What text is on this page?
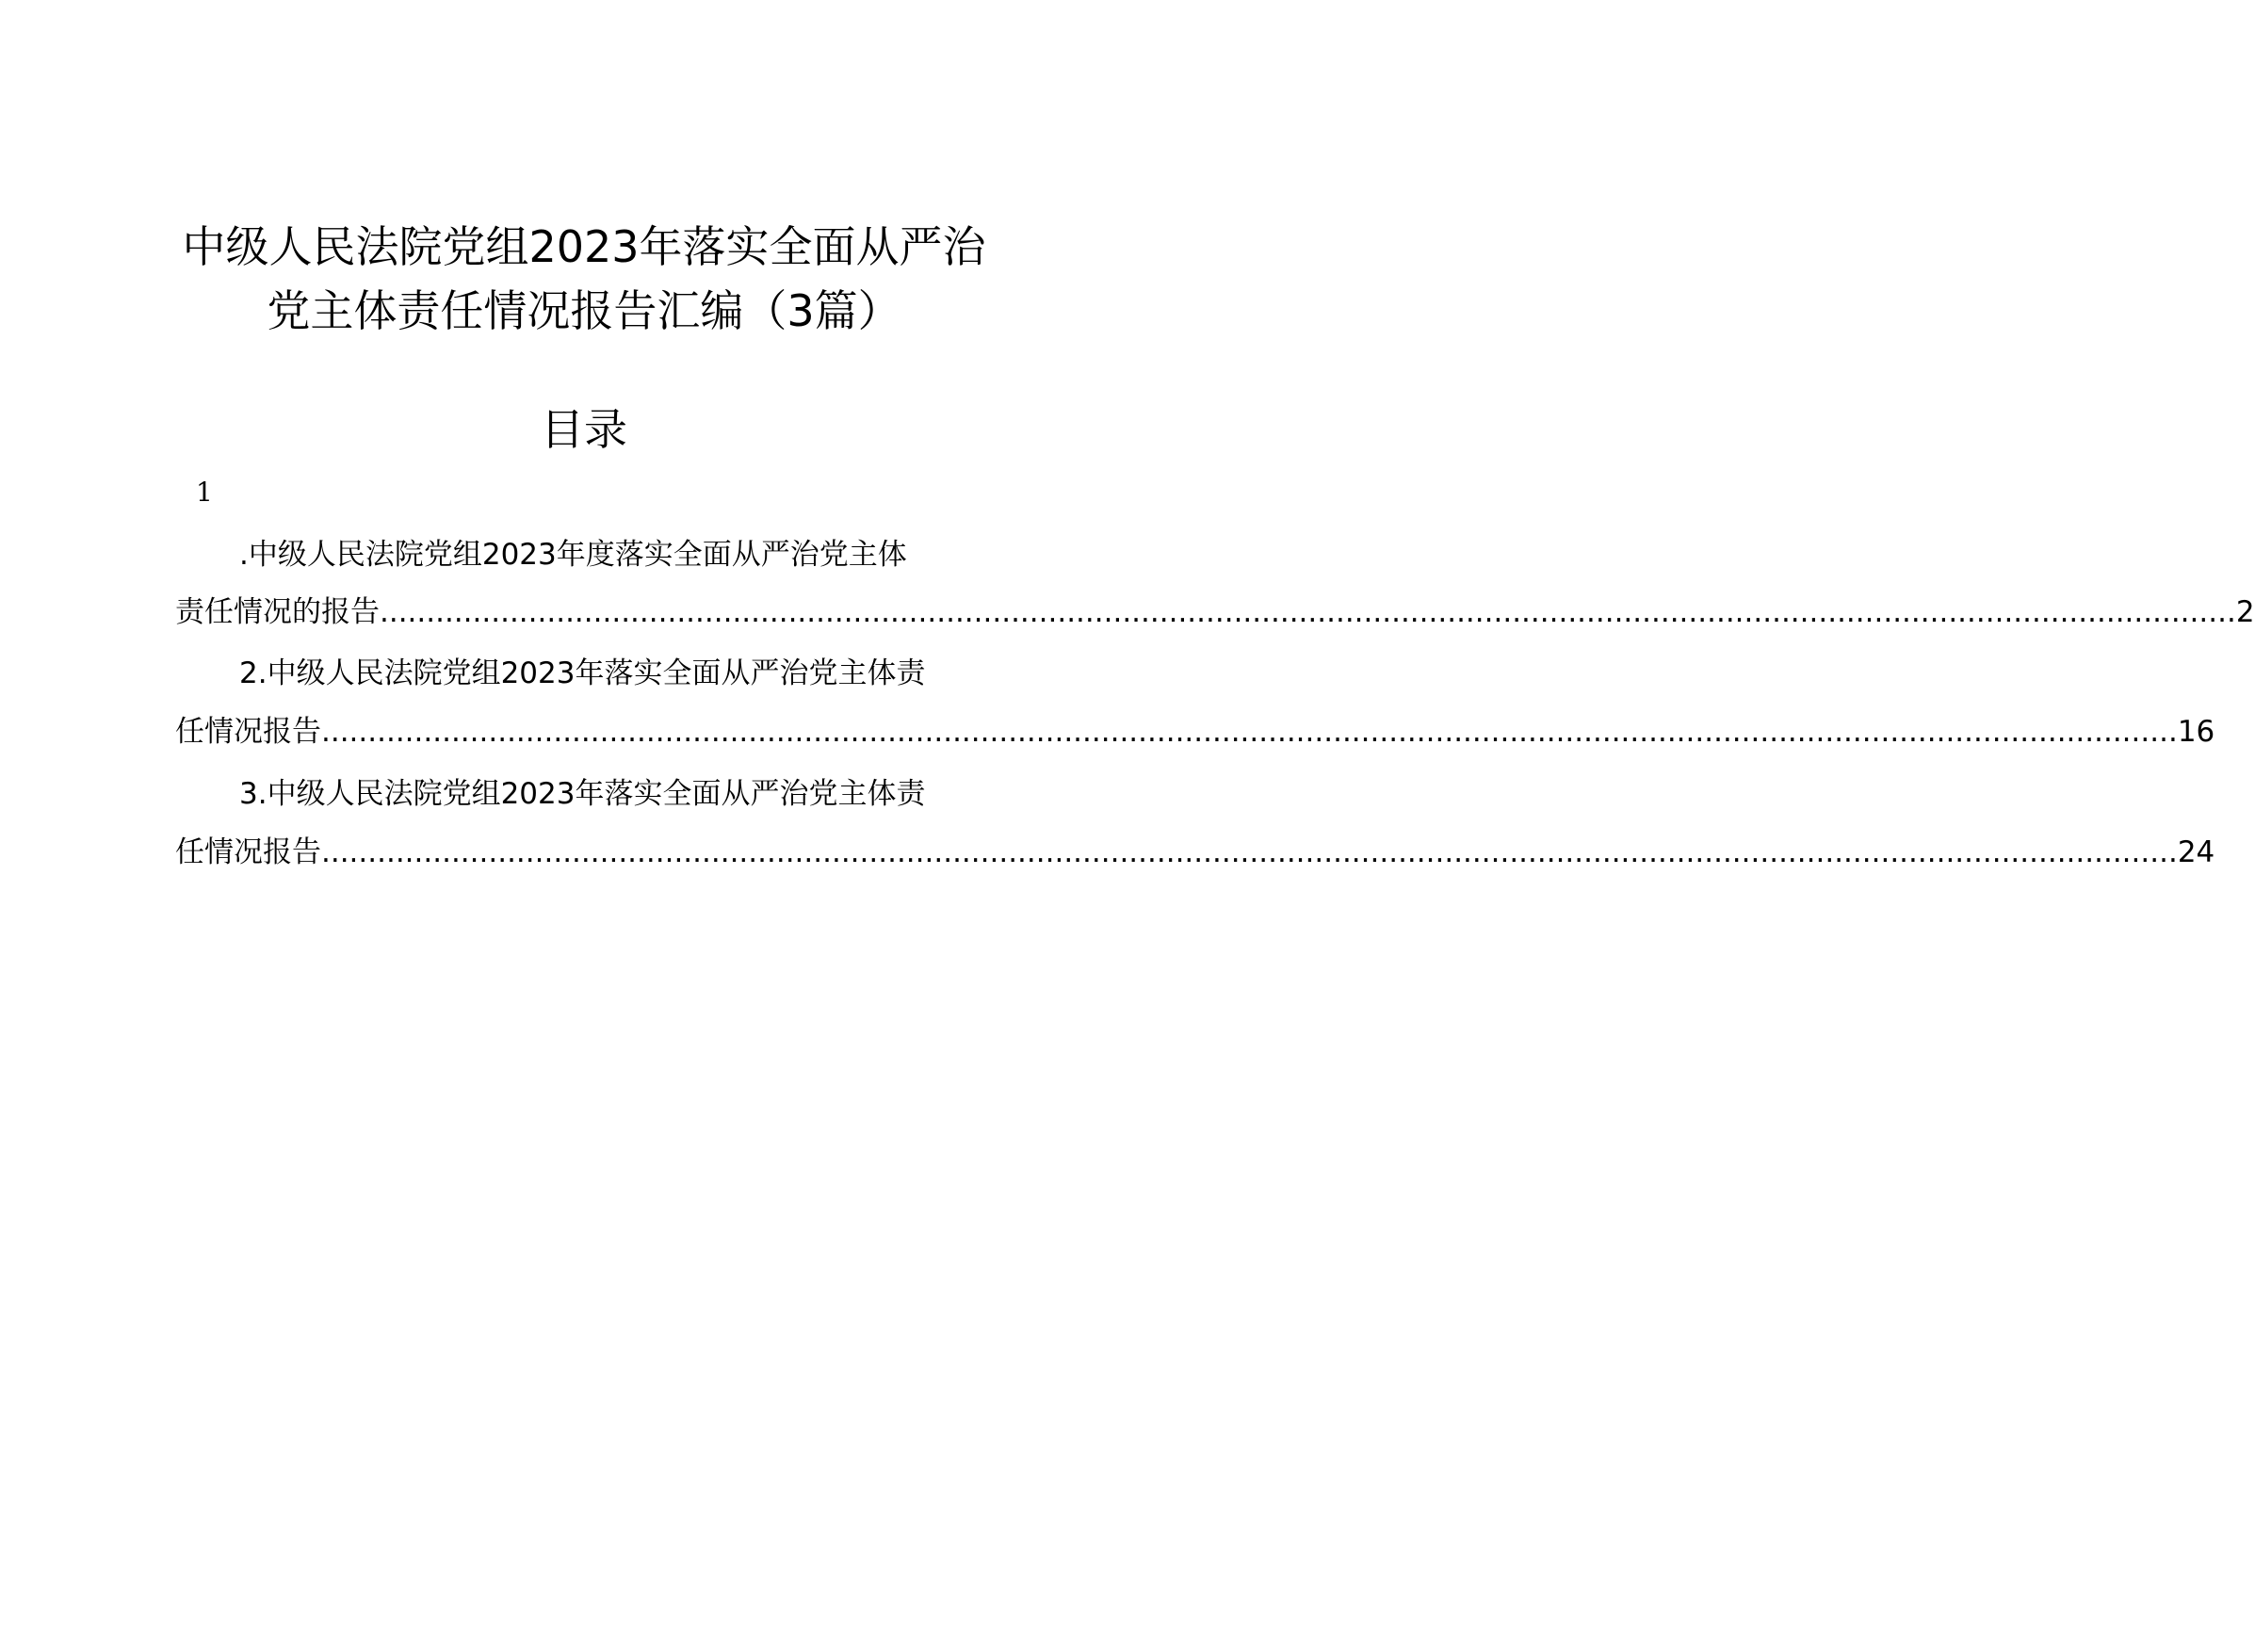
中级人民法院党组2023年落实全面从严治
党主体责任情况报告汇编（3篇）
目录
1
.中级人民法院党组2023年度落实全面从严治党主体
责任情况的报告 ........................................................................................................................................................................................................ 2
2.中级人民法院党组2023年落实全面从严治党主体责
任情况报告 ........................................................................................................................................................................................................ 16
3.中级人民法院党组2023年落实全面从严治党主体责
任情况报告 ........................................................................................................................................................................................................ 24
